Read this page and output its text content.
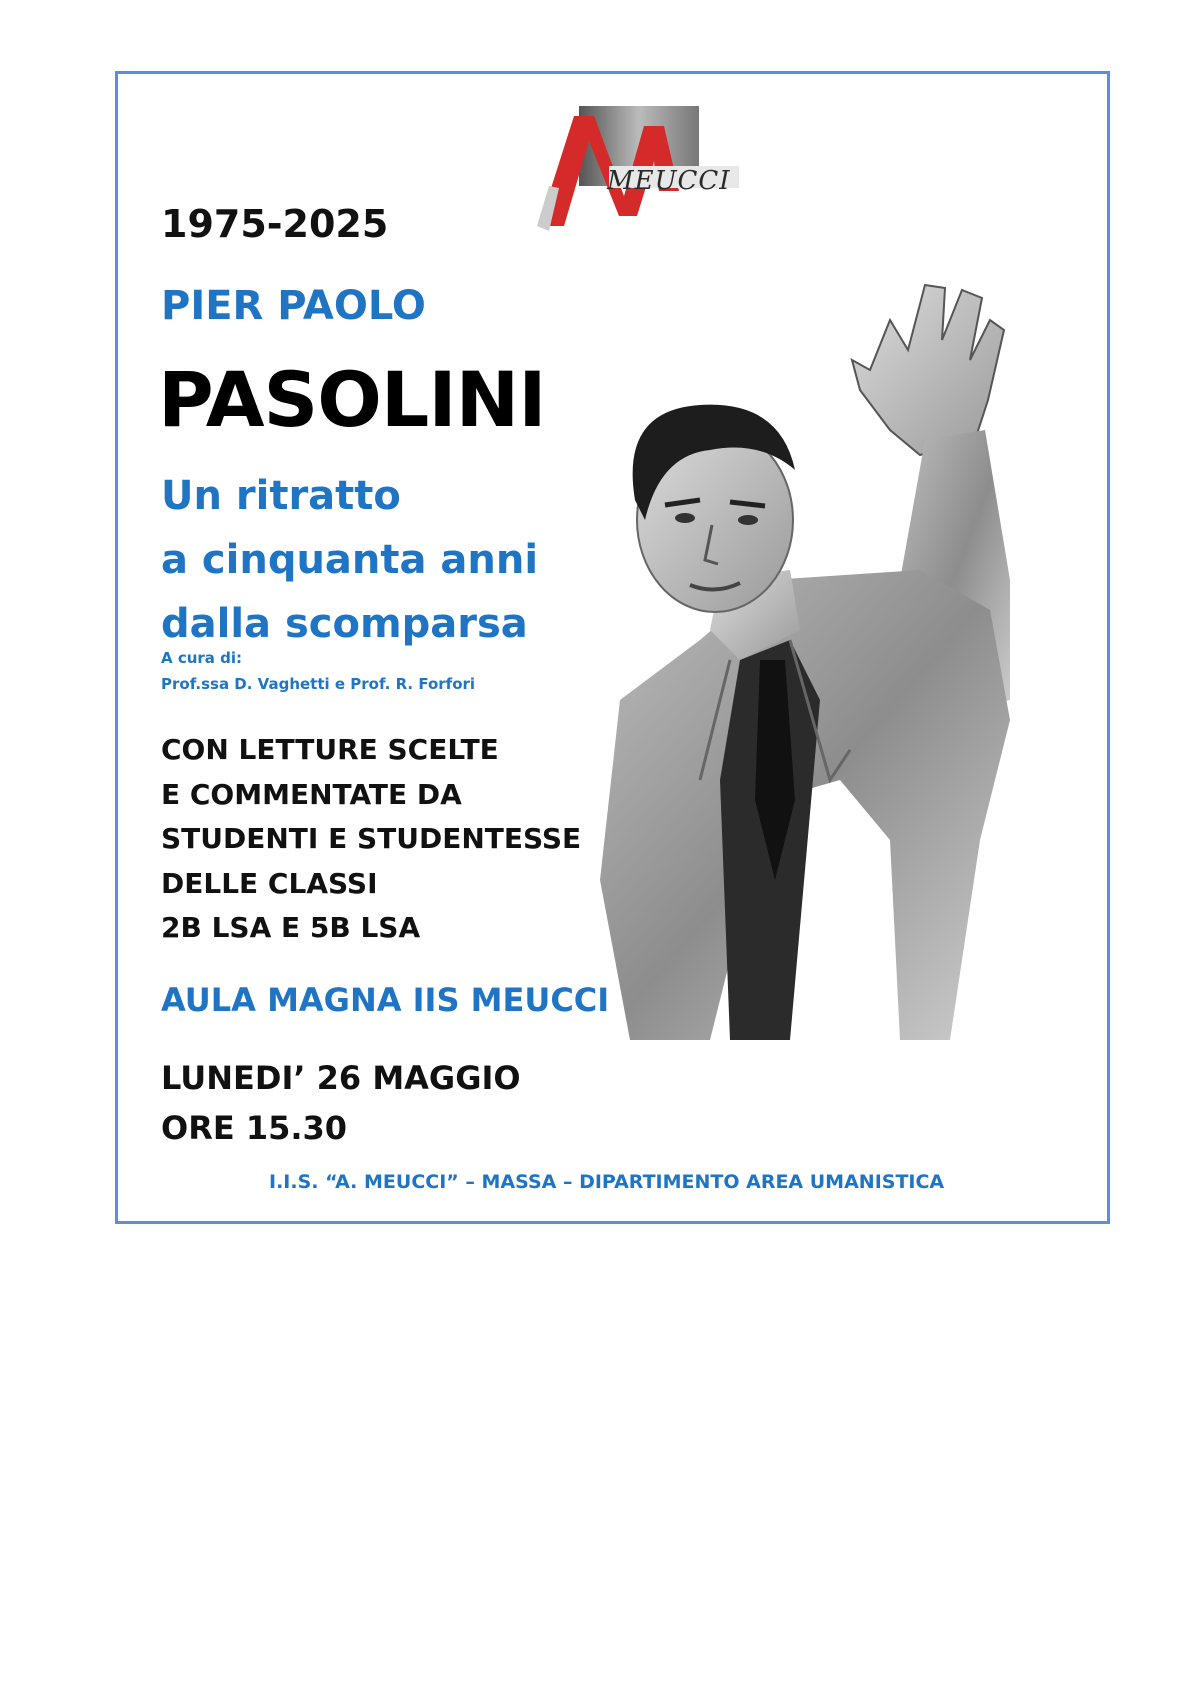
MEUCCI

1975-2025

PIER PAOLO

PASOLINI

Un ritratto
a cinquanta anni
dalla scomparsa

A cura di:

Prof.ssa D. Vaghetti e Prof. R. Forfori

CON LETTURE SCELTE
E COMMENTATE DA
STUDENTI E STUDENTESSE
DELLE CLASSI
2B LSA E 5B LSA

AULA MAGNA IIS MEUCCI

LUNEDI’ 26 MAGGIO
ORE 15.30

I.I.S. “A. MEUCCI” – MASSA – DIPARTIMENTO AREA UMANISTICA
